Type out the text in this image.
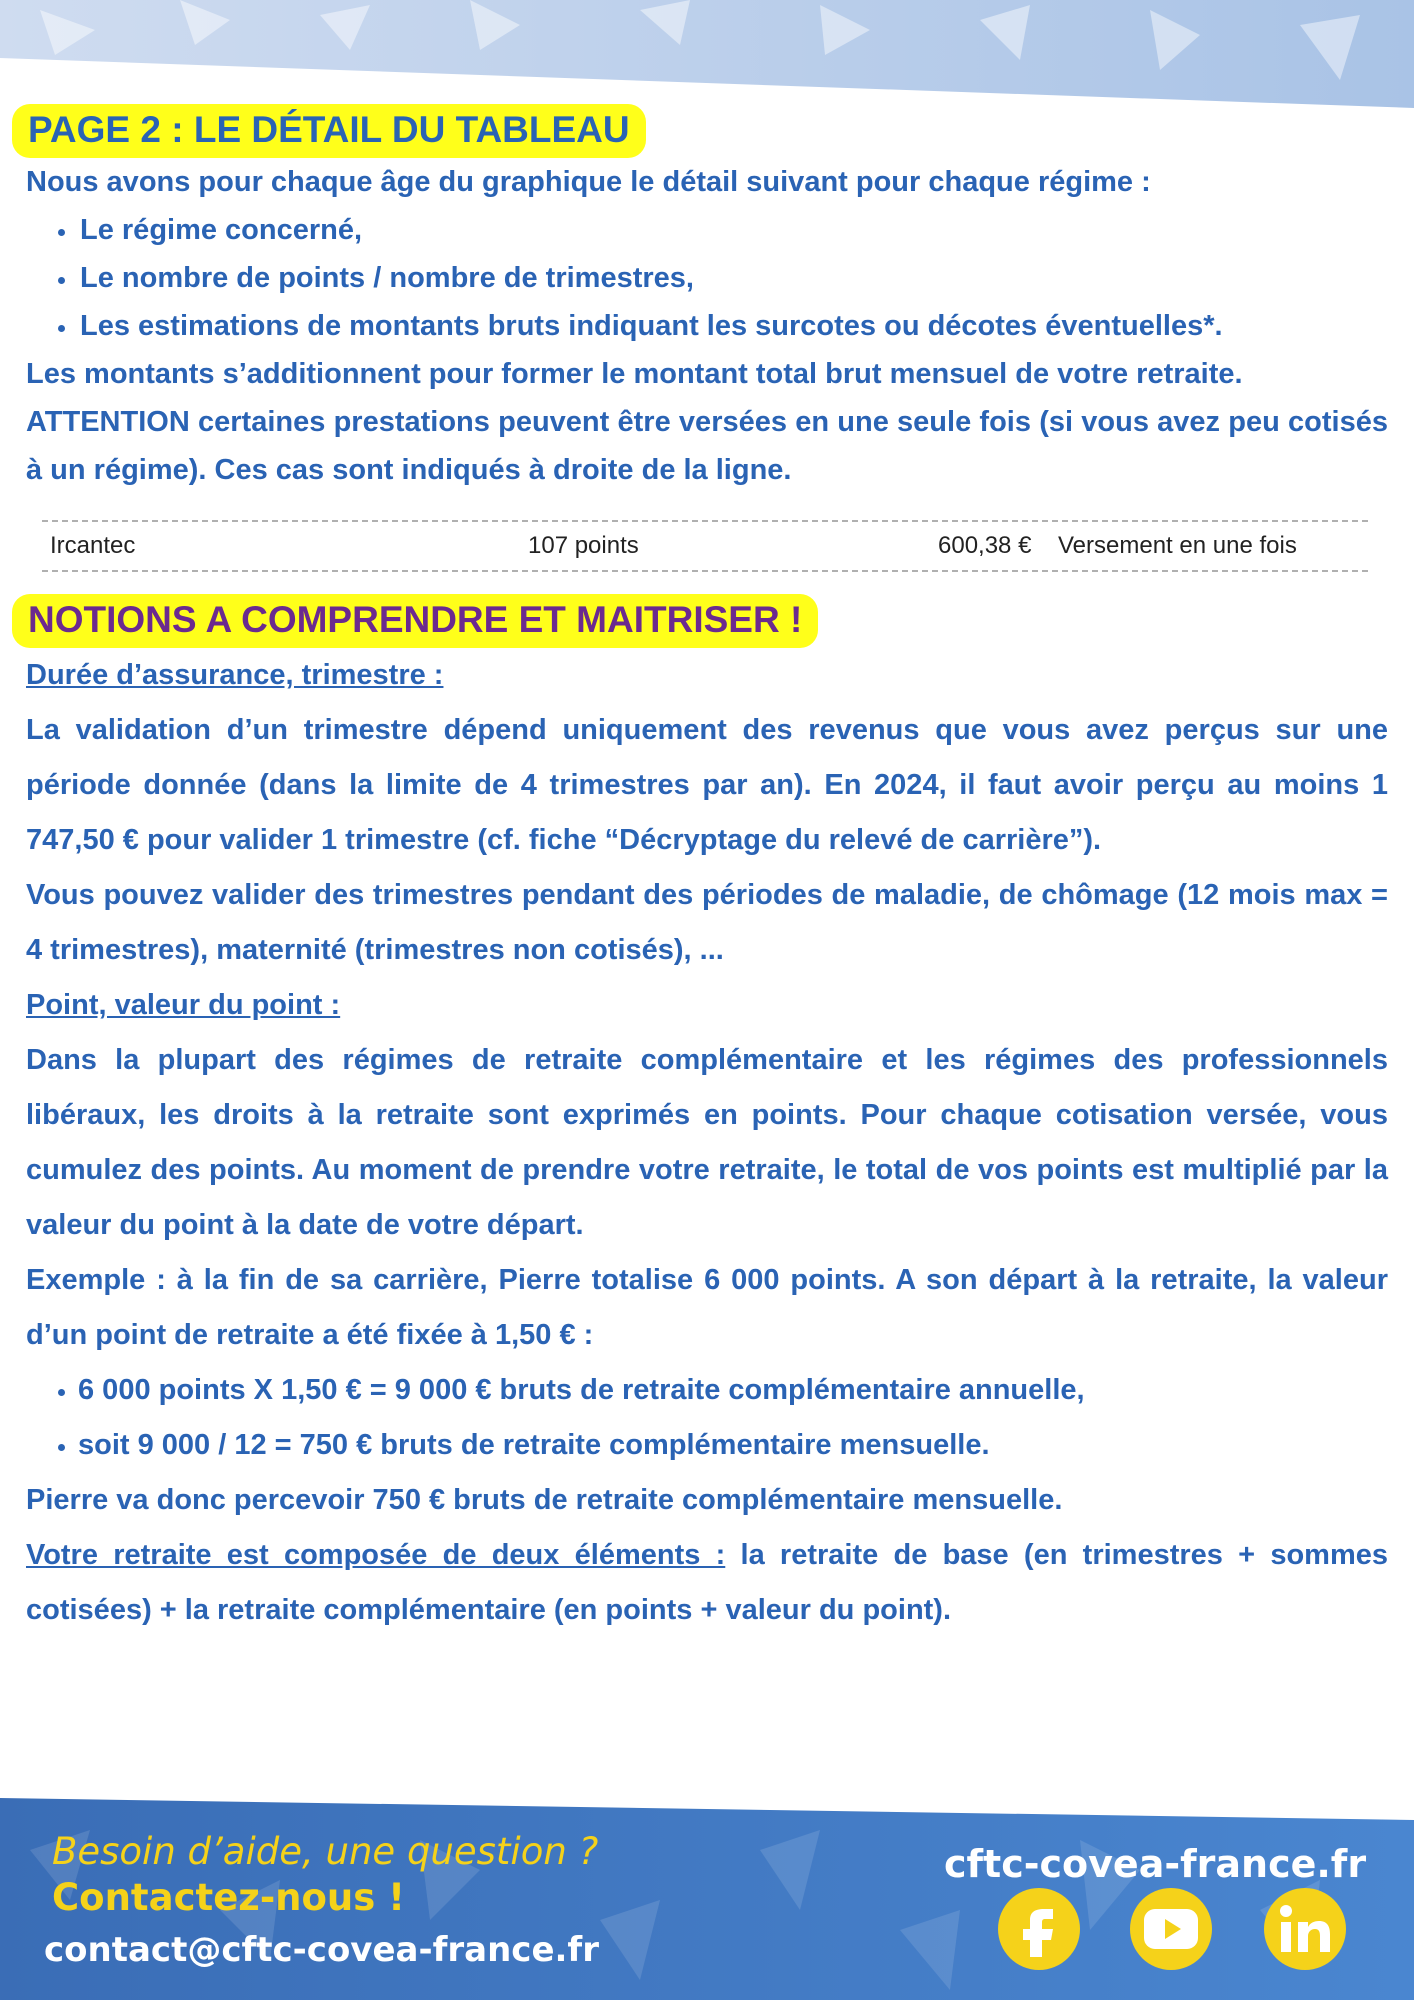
PAGE 2 : LE DÉTAIL DU TABLEAU

Nous avons pour chaque âge du graphique le détail suivant pour chaque régime :

• Le régime concerné,
• Le nombre de points / nombre de trimestres,
• Les estimations de montants bruts indiquant les surcotes ou décotes éventuelles*.

Les montants s’additionnent pour former le montant total brut mensuel de votre retraite.

ATTENTION certaines prestations peuvent être versées en une seule fois (si vous avez peu cotisés à un régime). Ces cas sont indiqués à droite de la ligne.

Ircantec	107 points	600,38 € Versement en une fois
NOTIONS A COMPRENDRE ET MAITRISER !

Durée d’assurance, trimestre :

La validation d’un trimestre dépend uniquement des revenus que vous avez perçus sur une période donnée (dans la limite de 4 trimestres par an). En 2024, il faut avoir perçu au moins 1 747,50 € pour valider 1 trimestre (cf. fiche “Décryptage du relevé de carrière”).

Vous pouvez valider des trimestres pendant des périodes de maladie, de chômage (12 mois max = 4 trimestres), maternité (trimestres non cotisés), ...

Point, valeur du point :

Dans la plupart des régimes de retraite complémentaire et les régimes des professionnels libéraux, les droits à la retraite sont exprimés en points. Pour chaque cotisation versée, vous cumulez des points. Au moment de prendre votre retraite, le total de vos points est multiplié par la valeur du point à la date de votre départ.

Exemple : à la fin de sa carrière, Pierre totalise 6 000 points. A son départ à la retraite, la valeur d’un point de retraite a été fixée à 1,50 € :

• 6 000 points X 1,50 € = 9 000 € bruts de retraite complémentaire annuelle,
• soit 9 000 / 12 = 750 € bruts de retraite complémentaire mensuelle.

Pierre va donc percevoir 750 € bruts de retraite complémentaire mensuelle.

Votre retraite est composée de deux éléments : la retraite de base (en trimestres + sommes cotisées) + la retraite complémentaire (en points + valeur du point).

Besoin d’aide, une question ?
Contactez-nous !
contact@cftc-covea-france.fr
cftc-covea-france.fr
